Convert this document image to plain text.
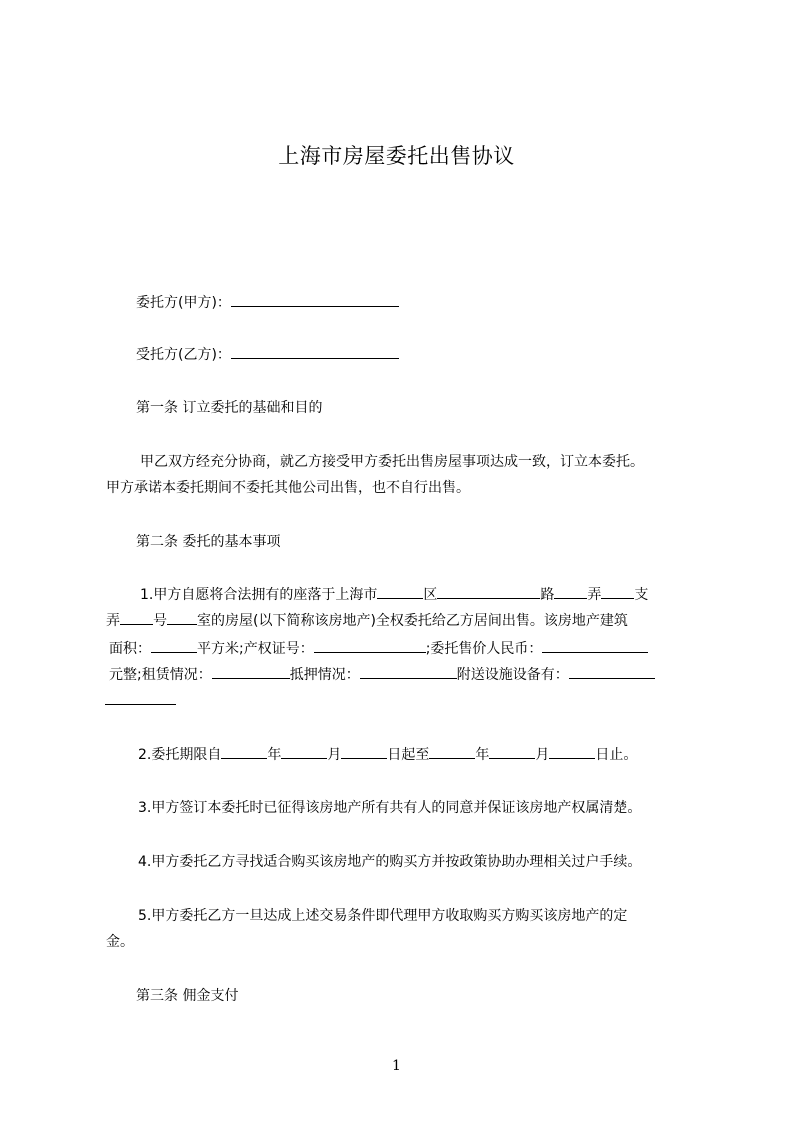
上海市房屋委托出售协议
委托方(甲方)：
受托方(乙方)：
第一条 订立委托的基础和目的
甲乙双方经充分协商，就乙方接受甲方委托出售房屋事项达成一致，订立本委托。
甲方承诺本委托期间不委托其他公司出售，也不自行出售。
第二条 委托的基本事项
1.甲方自愿将合法拥有的座落于上海市	区	路 弄 支
弄 号 室的房屋(以下简称该房地产)全权委托给乙方居间出售。该房地产建筑
面积：	平方米;产权证号：	;委托售价人民币：
元整;租赁情况：	抵押情况：	附送设施设备有：
2.委托期限自	年	月	日起至	年	月	日止。
3.甲方签订本委托时已征得该房地产所有共有人的同意并保证该房地产权属清楚。
4.甲方委托乙方寻找适合购买该房地产的购买方并按政策协助办理相关过户手续。
5.甲方委托乙方一旦达成上述交易条件即代理甲方收取购买方购买该房地产的定
金。
第三条 佣金支付
1
